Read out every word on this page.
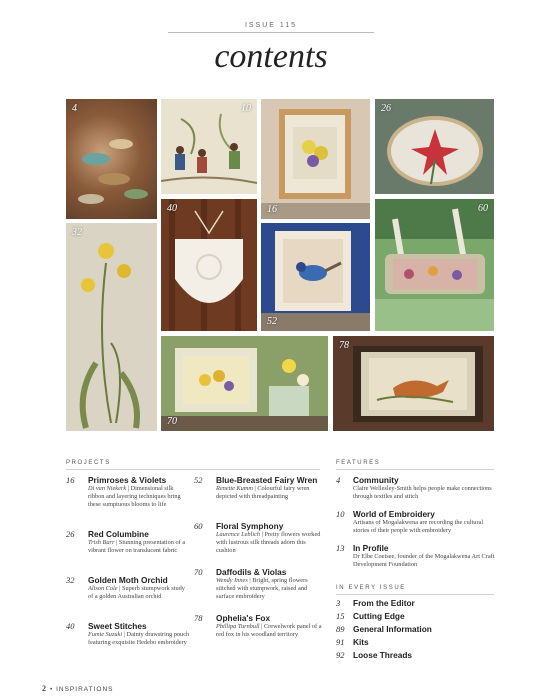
ISSUE 115
contents
4	10
16
26
40	60
32
52
70
78
PROJECTS
16	Primroses & Violets
Di van Niekerk | Dimensional silk ribbon and layering techniques bring these sumptuous blooms to life
26	Red Columbine
Trish Burr | Stunning presentation of a vibrant flower on translucent fabric
32	Golden Moth Orchid
Alison Cole | Superb stumpwork study of a golden Australian orchid
40	Sweet Stitches
Fumie Suzuki | Dainty drawstring pouch featuring exquisite Hedebo embroidery
52	Blue-Breasted Fairy Wren
Renette Kumm | Colourful fairy wren depicted with threadpainting
60	Floral Symphony
Laurence Leblich | Pretty flowers worked with lustrous silk threads adorn this cushion
70	Daffodils & Violas
Wendy Innes | Bright, spring flowers stitched with stumpwork, raised and surface embroidery
78	Ophelia's Fox
Phillipa Turnbull | Crewelwork panel of a red fox in his woodland territory
FEATURES
4	Community
Claire Wellesley-Smith helps people make connections through textiles and stitch
10	World of Embroidery
Artisans of Mogalakwena are recording the cultural stories of their people with embroidery
13	In Profile
Dr Elbe Coetsee, founder of the Mogalakwena Art Craft Development Foundation
IN EVERY ISSUE
3	From the Editor
15	Cutting Edge
89	General Information
91	Kits
92	Loose Threads
2 • INSPIRATIONS
